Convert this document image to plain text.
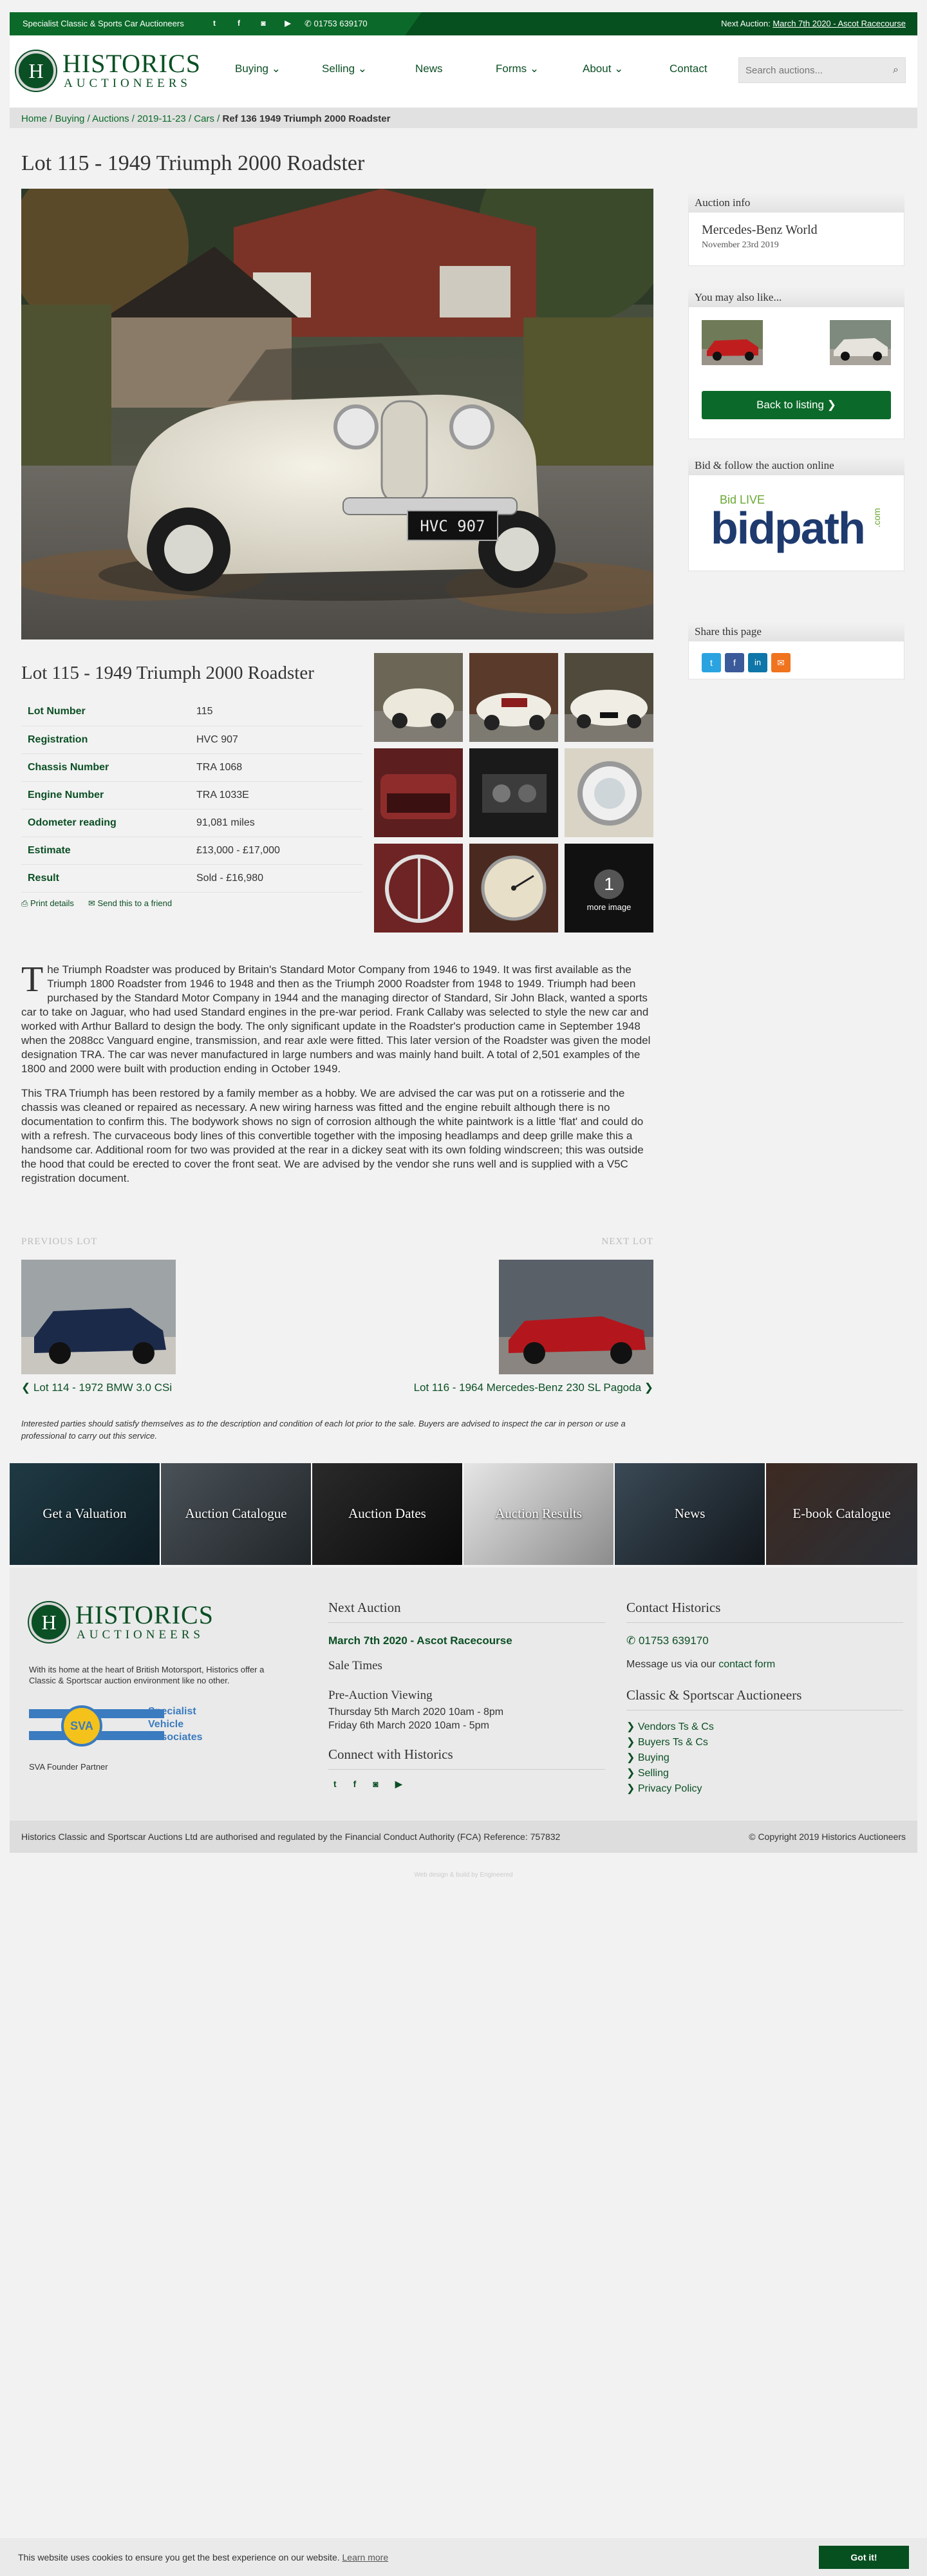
Specialist Classic & Sports Car Auctioneers	t	f	◙	▶ ✆ 01753 639170	Next Auction: March 7th 2020 - Ascot Racecourse
H HISTORICS
AUCTIONEERS
Buying ⌄	Selling ⌄	News	Forms ⌄	About ⌄	Contact
Search auctions...	⌕
Home / Buying / Auctions / 2019-11-23 / Cars / Ref 136 1949 Triumph 2000 Roadster
Lot 115 - 1949 Triumph 2000 Roadster
HVC 907
Lot 115 - 1949 Triumph 2000 Roadster
Lot Number	115
Registration	HVC 907
Chassis Number	TRA 1068
Engine Number	TRA 1033E
Odometer reading	91,081 miles
Estimate	£13,000 - £17,000
Result	Sold - £16,980
⎙ Print details ✉ Send this to a friend
1
more image

The Triumph Roadster was produced by Britain's Standard Motor Company from 1946 to 1949. It was first available as the Triumph 1800 Roadster from 1946 to 1948 and then as the Triumph 2000 Roadster from 1948 to 1949. Triumph had been purchased by the Standard Motor Company in 1944 and the managing director of Standard, Sir John Black, wanted a sports car to take on Jaguar, who had used Standard engines in the pre-war period. Frank Callaby was selected to style the new car and worked with Arthur Ballard to design the body. The only significant update in the Roadster's production came in September 1948 when the 2088cc Vanguard engine, transmission, and rear axle were fitted. This later version of the Roadster was given the model designation TRA. The car was never manufactured in large numbers and was mainly hand built. A total of 2,501 examples of the 1800 and 2000 were built with production ending in October 1949.

This TRA Triumph has been restored by a family member as a hobby. We are advised the car was put on a rotisserie and the chassis was cleaned or repaired as necessary. A new wiring harness was fitted and the engine rebuilt although there is no documentation to confirm this. The bodywork shows no sign of corrosion although the white paintwork is a little 'flat' and could do with a refresh. The curvaceous body lines of this convertible together with the imposing headlamps and deep grille make this a handsome car. Additional room for two was provided at the rear in a dickey seat with its own folding windscreen; this was outside the hood that could be erected to cover the front seat. We are advised by the vendor she runs well and is supplied with a V5C registration document.

PREVIOUS LOT	NEXT LOT
❮ Lot 114 - 1972 BMW 3.0 CSi	Lot 116 - 1964 Mercedes-Benz 230 SL Pagoda ❯

Interested parties should satisfy themselves as to the description and condition of each lot prior to the sale. Buyers are advised to inspect the car in person or use a professional to carry out this service.

Auction info
Mercedes-Benz World
November 23rd 2019
You may also like...
Back to listing ❯
Bid & follow the auction online
Bid LIVE
bidpath .com
Share this page
t	f	in	✉
Get a Valuation	Auction Catalogue	Auction Dates	Auction Results	News	E-book Catalogue
H HISTORICS
AUCTIONEERS

With its home at the heart of British Motorsport, Historics offer a Classic & Sportscar auction environment like no other.

SVA
Specialist
Vehicle
Associates
SVA Founder Partner
Next Auction
March 7th 2020 - Ascot Racecourse
Sale Times
Pre-Auction Viewing
Thursday 5th March 2020 10am - 8pm
Friday 6th March 2020 10am - 5pm
Connect with Historics
t f ◙ ▶
Contact Historics
✆ 01753 639170
Message us via our contact form
Classic & Sportscar Auctioneers
❯ Vendors Ts & Cs
❯ Buyers Ts & Cs
❯ Buying
❯ Selling
❯ Privacy Policy
Historics Classic and Sportscar Auctions Ltd are authorised and regulated by the Financial Conduct Authority (FCA) Reference: 757832	© Copyright 2019 Historics Auctioneers
Web design & build by Engineered
This website uses cookies to ensure you get the best experience on our website. Learn more	Got it!
